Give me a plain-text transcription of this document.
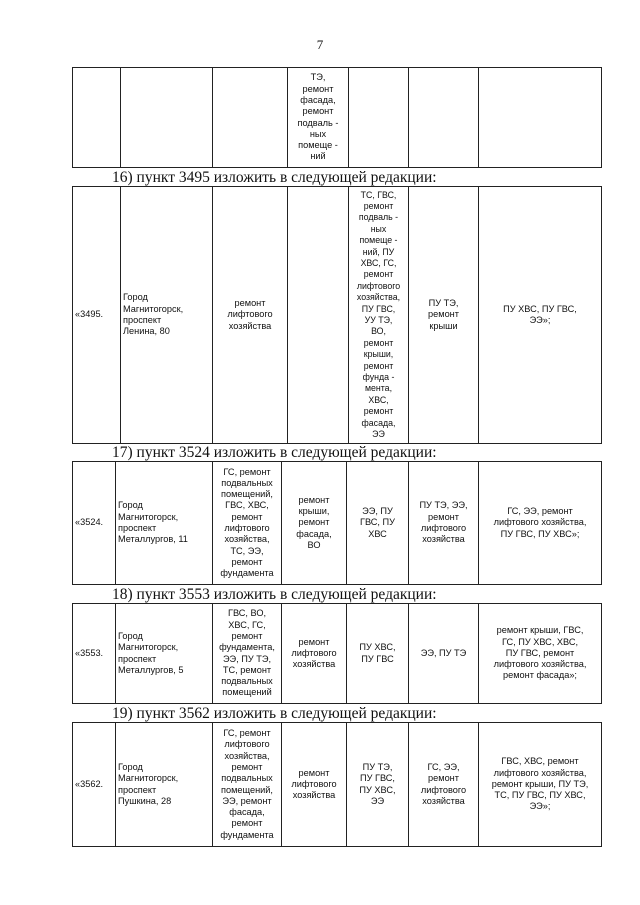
7
			ТЭ,
ремонт
фасада,
ремонт
подваль -
ных
помеще -
ний			
16) пункт 3495 изложить в следующей редакции:
«3495.	Город
Магнитогорск,
проспект
Ленина, 80	ремонт
лифтового
хозяйства		ТС, ГВС,
ремонт
подваль -
ных
помеще -
ний, ПУ
ХВС, ГС,
ремонт
лифтового
хозяйства,
ПУ ГВС,
УУ ТЭ,
ВО,
ремонт
крыши,
ремонт
фунда -
мента,
ХВС,
ремонт
фасада,
ЭЭ	ПУ ТЭ,
ремонт
крыши	ПУ ХВС, ПУ ГВС,
ЭЭ»;
17) пункт 3524 изложить в следующей редакции:
«3524.	Город
Магнитогорск,
проспект
Металлургов, 11	ГС, ремонт
подвальных
помещений,
ГВС, ХВС,
ремонт
лифтового
хозяйства,
ТС, ЭЭ,
ремонт
фундамента	ремонт
крыши,
ремонт
фасада,
ВО	ЭЭ, ПУ
ГВС, ПУ
ХВС	ПУ ТЭ, ЭЭ,
ремонт
лифтового
хозяйства	ГС, ЭЭ, ремонт
лифтового хозяйства,
ПУ ГВС, ПУ ХВС»;
18) пункт 3553 изложить в следующей редакции:
«3553.	Город
Магнитогорск,
проспект
Металлургов, 5	ГВС, ВО,
ХВС, ГС,
ремонт
фундамента,
ЭЭ, ПУ ТЭ,
ТС, ремонт
подвальных
помещений	ремонт
лифтового
хозяйства	ПУ ХВС,
ПУ ГВС	ЭЭ, ПУ ТЭ	ремонт крыши, ГВС,
ГС, ПУ ХВС, ХВС,
ПУ ГВС, ремонт
лифтового хозяйства,
ремонт фасада»;
19) пункт 3562 изложить в следующей редакции:
«3562.	Город
Магнитогорск,
проспект
Пушкина, 28	ГС, ремонт
лифтового
хозяйства,
ремонт
подвальных
помещений,
ЭЭ, ремонт
фасада,
ремонт
фундамента	ремонт
лифтового
хозяйства	ПУ ТЭ,
ПУ ГВС,
ПУ ХВС,
ЭЭ	ГС, ЭЭ,
ремонт
лифтового
хозяйства	ГВС, ХВС, ремонт
лифтового хозяйства,
ремонт крыши, ПУ ТЭ,
ТС, ПУ ГВС, ПУ ХВС,
ЭЭ»;
